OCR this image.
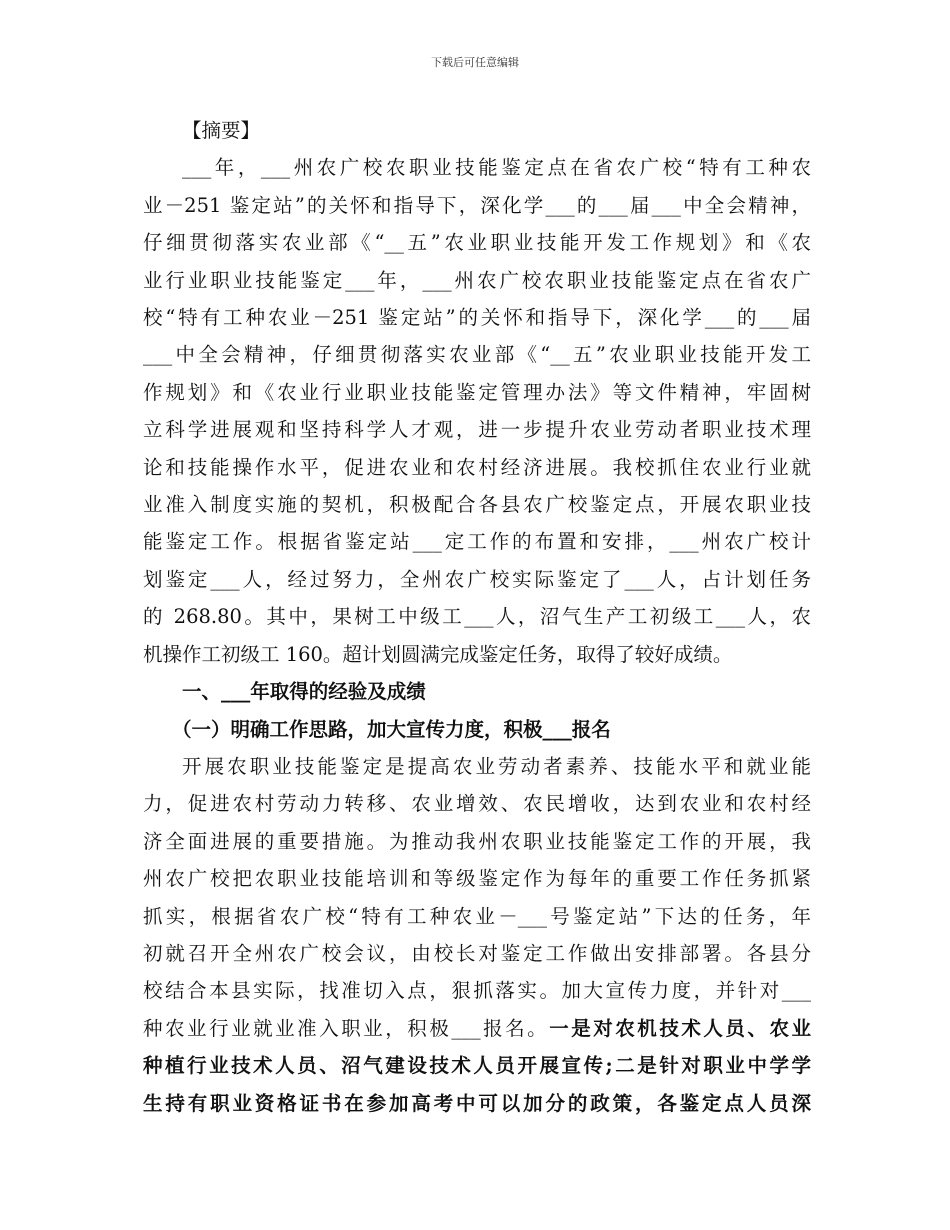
下载后可任意编辑

【摘要】

___年，___州农广校农职业技能鉴定点在省农广校“特有工种农

业－251 鉴定站”的关怀和指导下，深化学___的___届___中全会精神，

仔细贯彻落实农业部《“__五”农业职业技能开发工作规划》和《农

业行业职业技能鉴定___年，___州农广校农职业技能鉴定点在省农广

校“特有工种农业－251 鉴定站”的关怀和指导下，深化学___的___届

___中全会精神，仔细贯彻落实农业部《“__五”农业职业技能开发工

作规划》和《农业行业职业技能鉴定管理办法》等文件精神，牢固树

立科学进展观和坚持科学人才观，进一步提升农业劳动者职业技术理

论和技能操作水平，促进农业和农村经济进展。我校抓住农业行业就

业准入制度实施的契机，积极配合各县农广校鉴定点，开展农职业技

能鉴定工作。根据省鉴定站___定工作的布置和安排，___州农广校计

划鉴定___人，经过努力，全州农广校实际鉴定了___人，占计划任务

的 268.80。其中，果树工中级工___人，沼气生产工初级工___人，农

机操作工初级工 160。超计划圆满完成鉴定任务，取得了较好成绩。

一、___年取得的经验及成绩

（一）明确工作思路，加大宣传力度，积极___报名

开展农职业技能鉴定是提高农业劳动者素养、技能水平和就业能

力，促进农村劳动力转移、农业增效、农民增收，达到农业和农村经

济全面进展的重要措施。为推动我州农职业技能鉴定工作的开展，我

州农广校把农职业技能培训和等级鉴定作为每年的重要工作任务抓紧

抓实，根据省农广校“特有工种农业－___号鉴定站”下达的任务，年

初就召开全州农广校会议，由校长对鉴定工作做出安排部署。各县分

校结合本县实际，找准切入点，狠抓落实。加大宣传力度，并针对___

种农业行业就业准入职业，积极___报名。一是对农机技术人员、农业

种植行业技术人员、沼气建设技术人员开展宣传;二是针对职业中学学

生持有职业资格证书在参加高考中可以加分的政策，各鉴定点人员深
